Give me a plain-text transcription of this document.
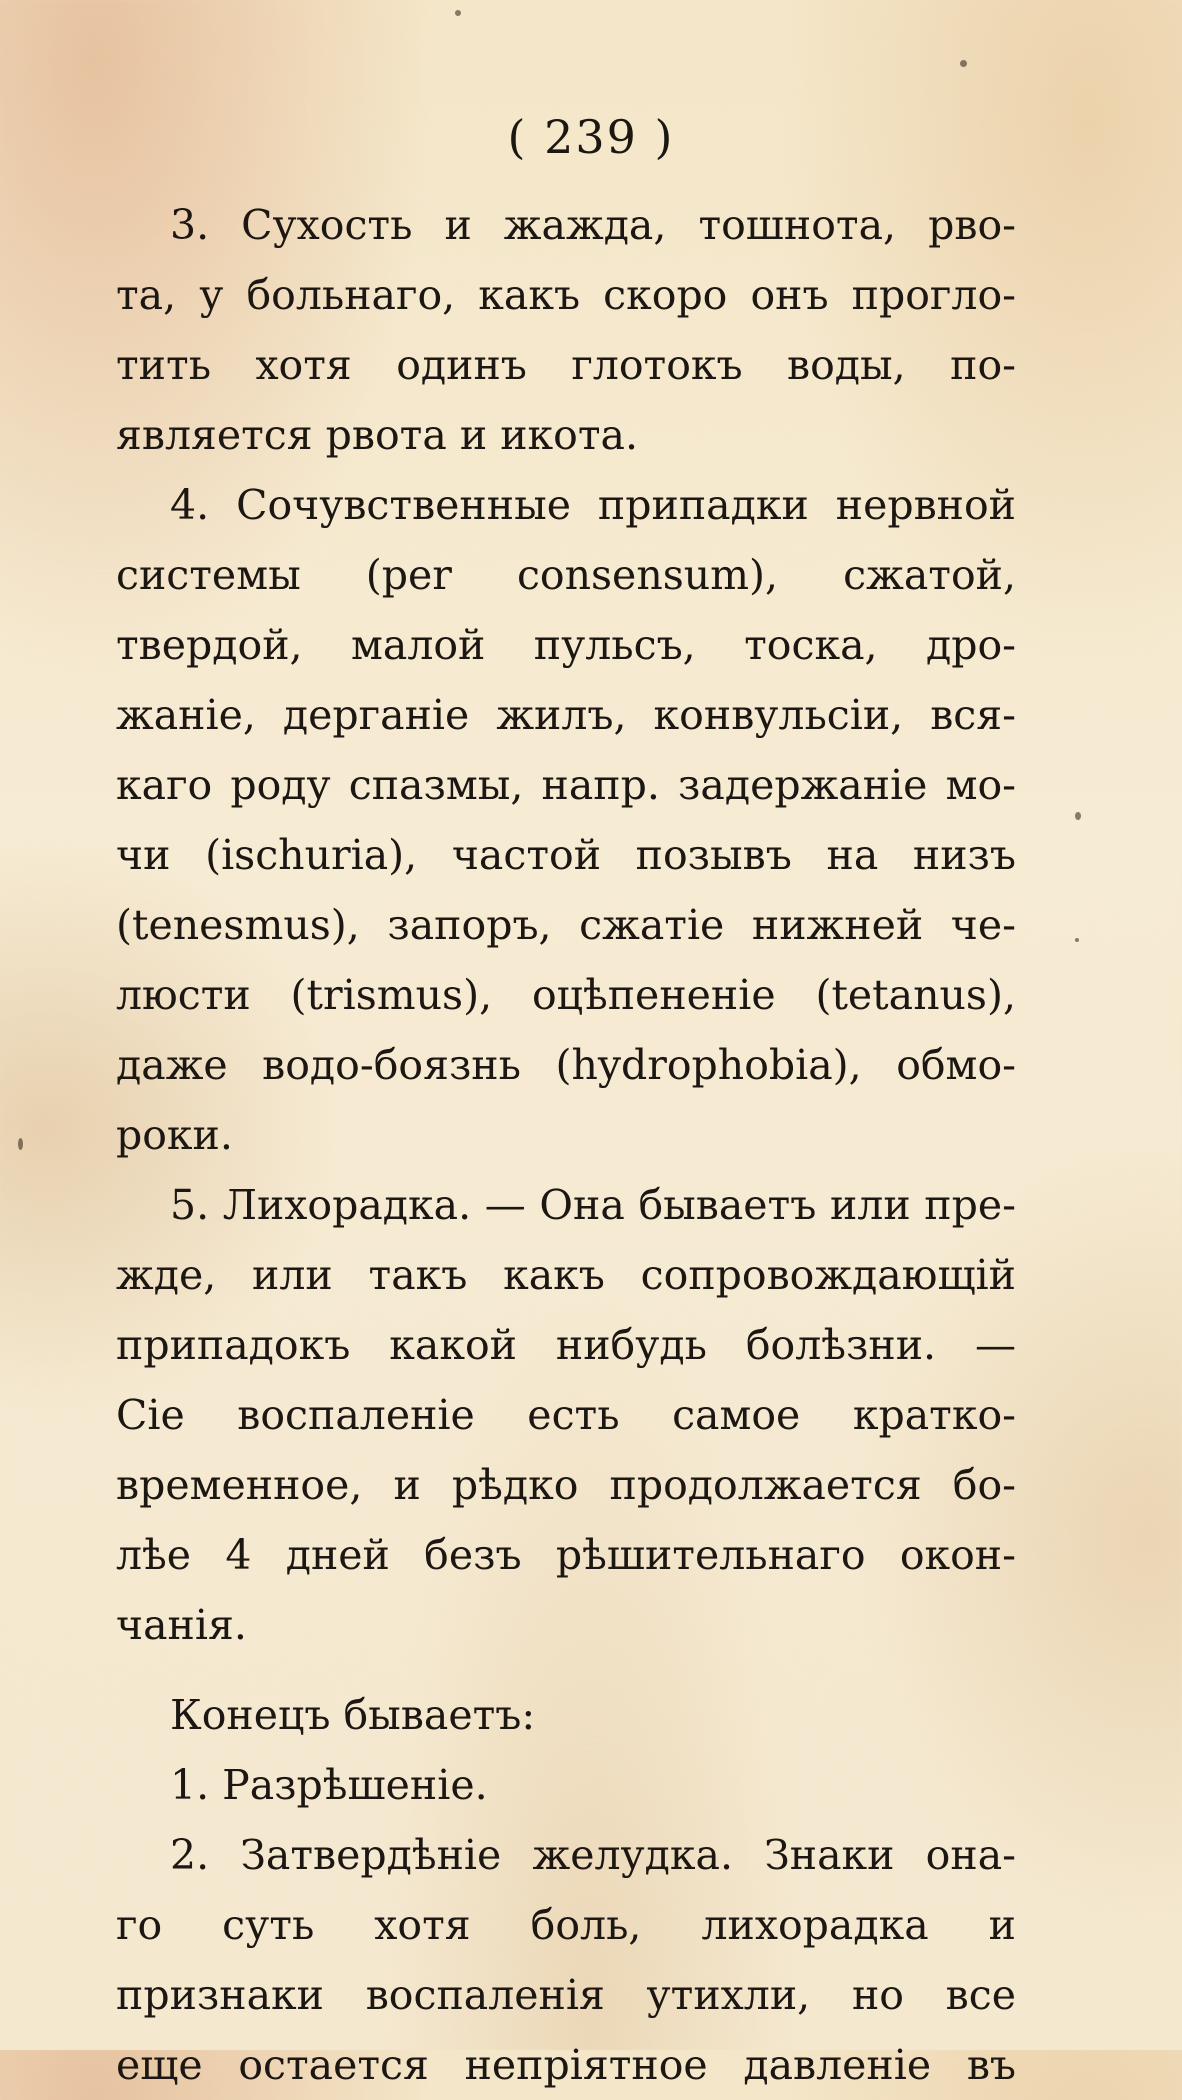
( 239 )
3. Сухость и жажда, тошнота, рво-
та, у больнаго, какъ скоро онъ прогло-
тить хотя одинъ глотокъ воды, по-
является рвота и икота.
4. Сочувственные припадки нервной
системы (per consensum), сжатой,
твердой, малой пульсъ, тоска, дро-
жаніе, дерганіе жилъ, конвульсіи, вся-
каго роду спазмы, напр. задержаніе мо-
чи (ischuria), частой позывъ на низъ
(tenesmus), запоръ, сжатіе нижней че-
люсти (trismus), оцѣпененіе (tetanus),
даже водо-боязнь (hydrophobia), обмо-
роки.
5. Лихорадка. — Она бываетъ или пре-
жде, или такъ какъ сопровождающій
припадокъ какой нибудь болѣзни. —
Сіе воспаленіе есть самое кратко-
временное, и рѣдко продолжается бо-
лѣе 4 дней безъ рѣшительнаго окон-
чанія.
Конецъ бываетъ:
1. Разрѣшеніе.
2. Затвердѣніе желудка. Знаки она-
го суть хотя боль, лихорадка и
признаки воспаленія утихли, но все
еще остается непріятное давленіе въ
